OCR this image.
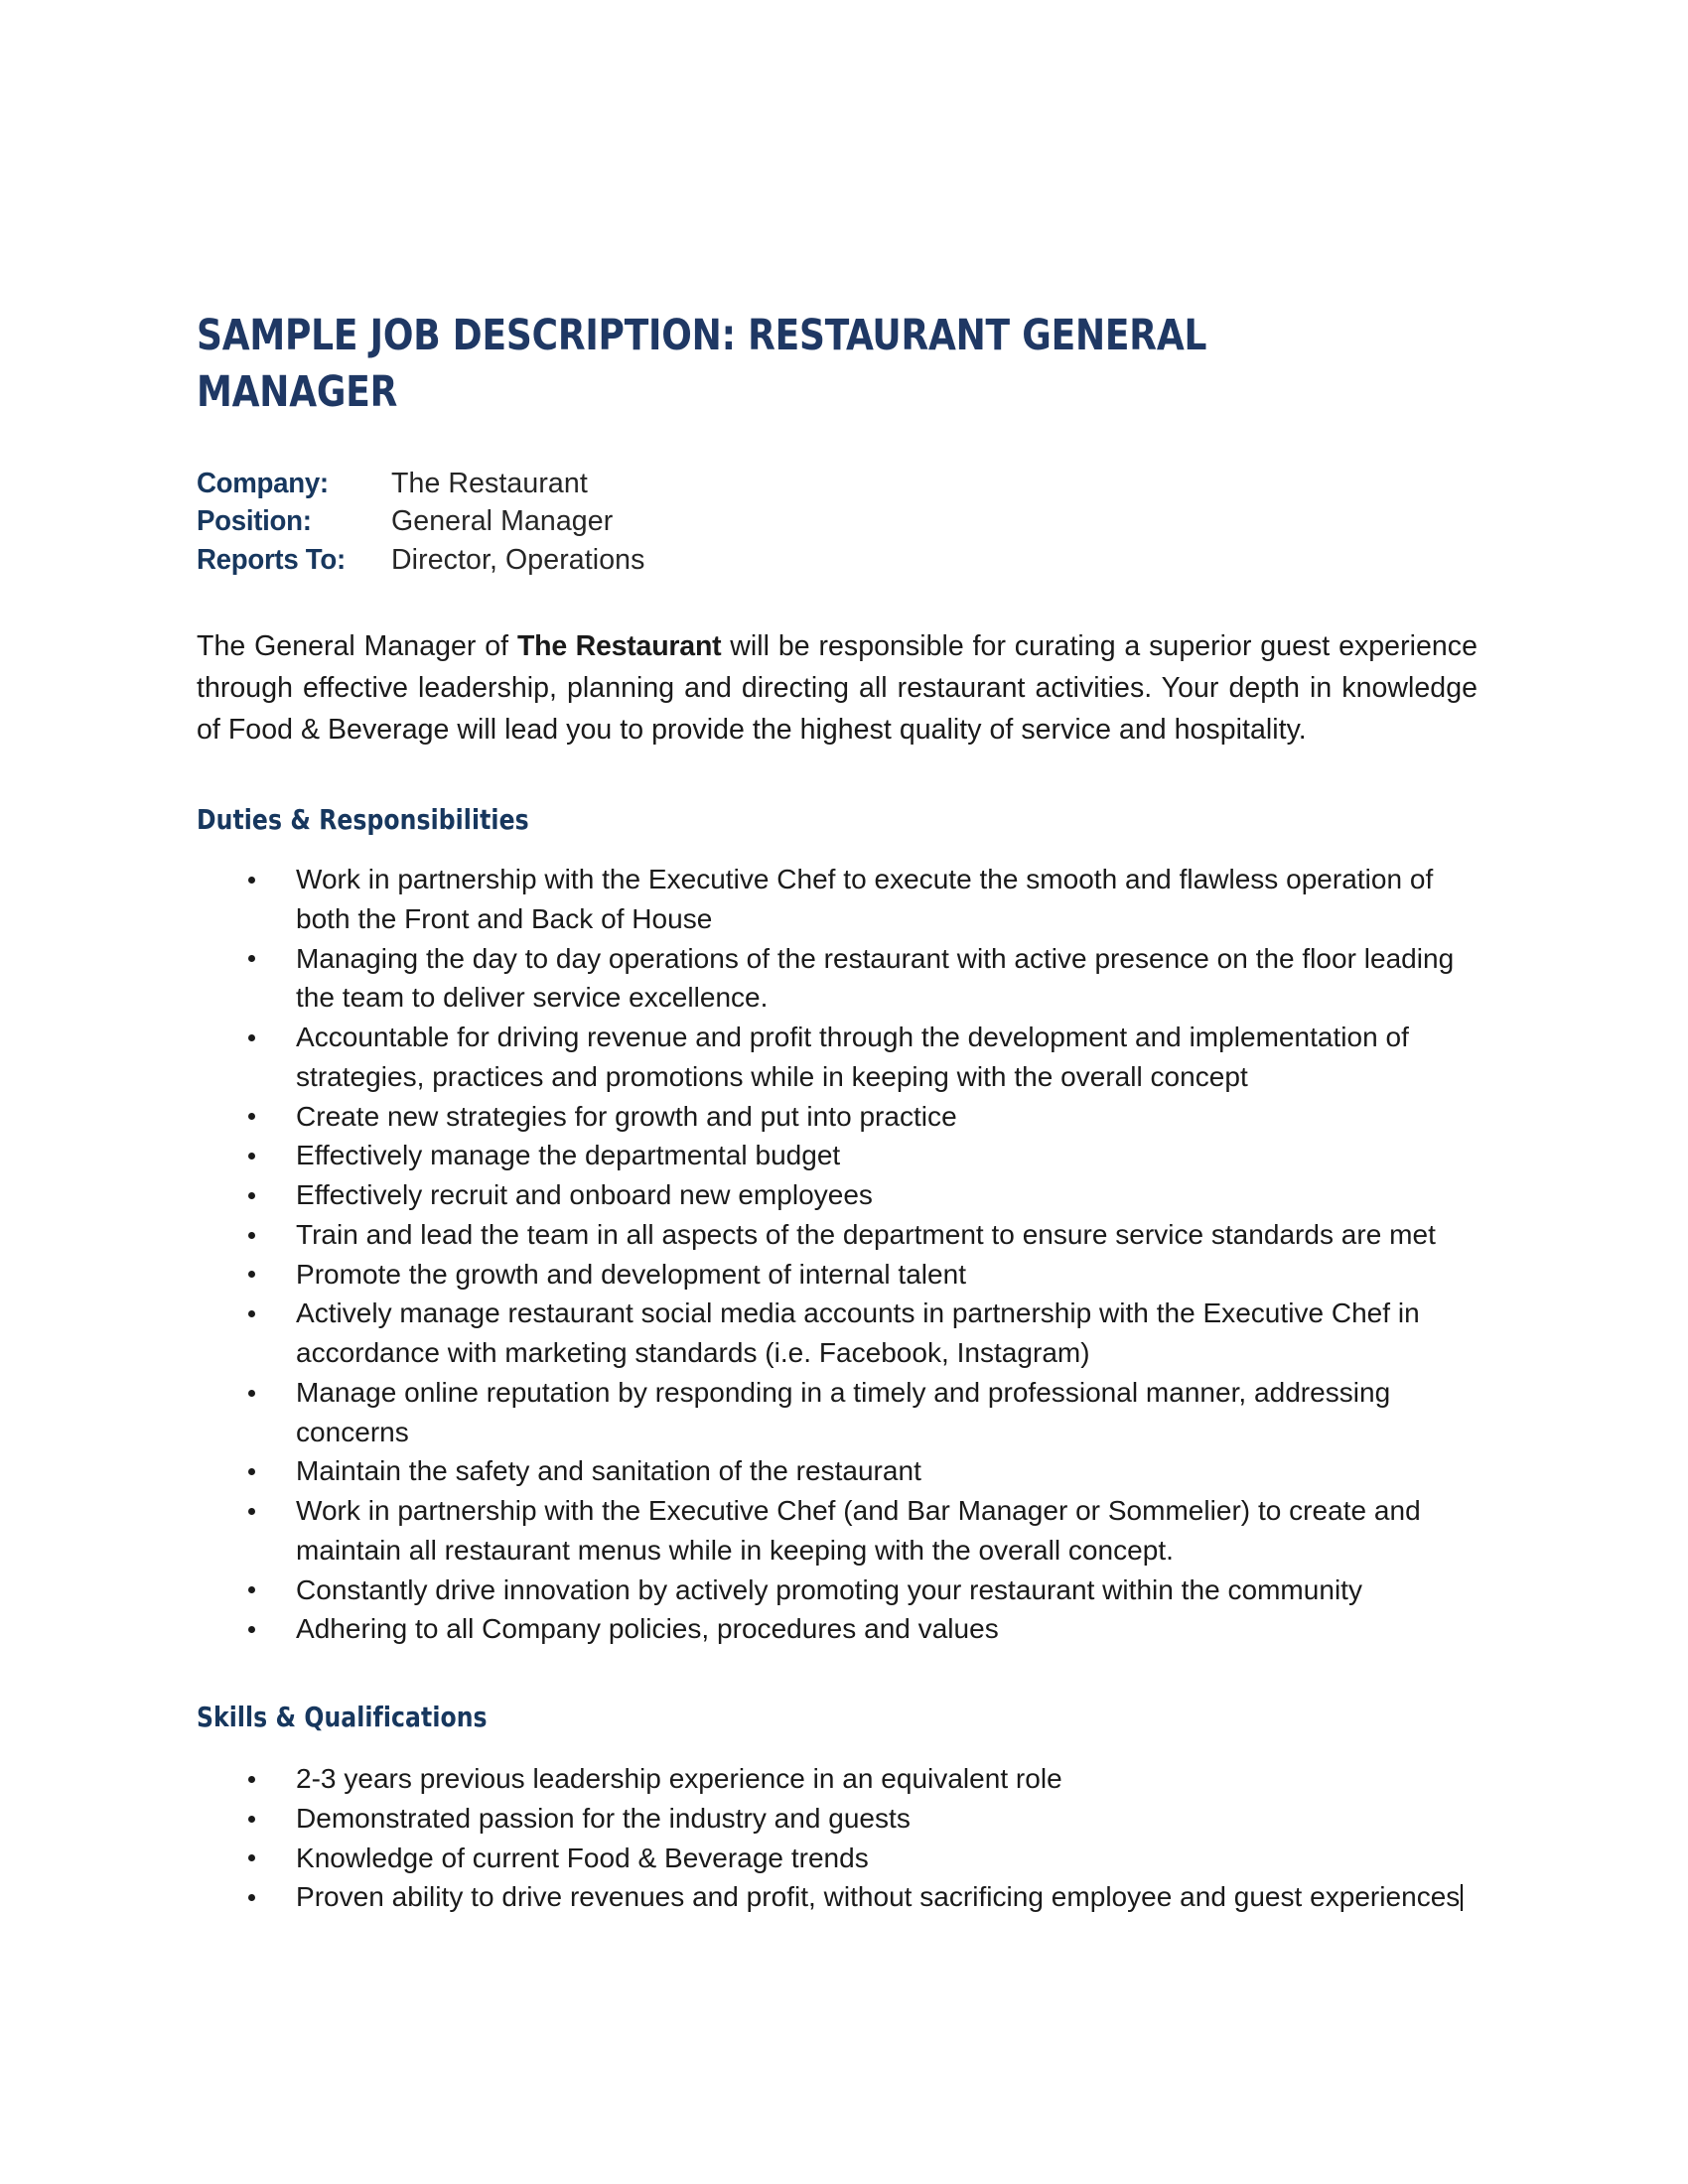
SAMPLE JOB DESCRIPTION: RESTAURANT GENERAL MANAGER
Company:	The Restaurant
Position:	General Manager
Reports To:	Director, Operations

The General Manager of The Restaurant will be responsible for curating a superior guest experience through effective leadership, planning and directing all restaurant activities. Your depth in knowledge of Food & Beverage will lead you to provide the highest quality of service and hospitality.

Duties & Responsibilities
Work in partnership with the Executive Chef to execute the smooth and flawless operation of both the Front and Back of House
Managing the day to day operations of the restaurant with active presence on the floor leading the team to deliver service excellence.
Accountable for driving revenue and profit through the development and implementation of strategies, practices and promotions while in keeping with the overall concept
Create new strategies for growth and put into practice
Effectively manage the departmental budget
Effectively recruit and onboard new employees
Train and lead the team in all aspects of the department to ensure service standards are met
Promote the growth and development of internal talent
Actively manage restaurant social media accounts in partnership with the Executive Chef in accordance with marketing standards (i.e. Facebook, Instagram)
Manage online reputation by responding in a timely and professional manner, addressing concerns
Maintain the safety and sanitation of the restaurant
Work in partnership with the Executive Chef (and Bar Manager or Sommelier) to create and maintain all restaurant menus while in keeping with the overall concept.
Constantly drive innovation by actively promoting your restaurant within the community
Adhering to all Company policies, procedures and values
Skills & Qualifications
2-3 years previous leadership experience in an equivalent role
Demonstrated passion for the industry and guests
Knowledge of current Food & Beverage trends
Proven ability to drive revenues and profit, without sacrificing employee and guest experiences
